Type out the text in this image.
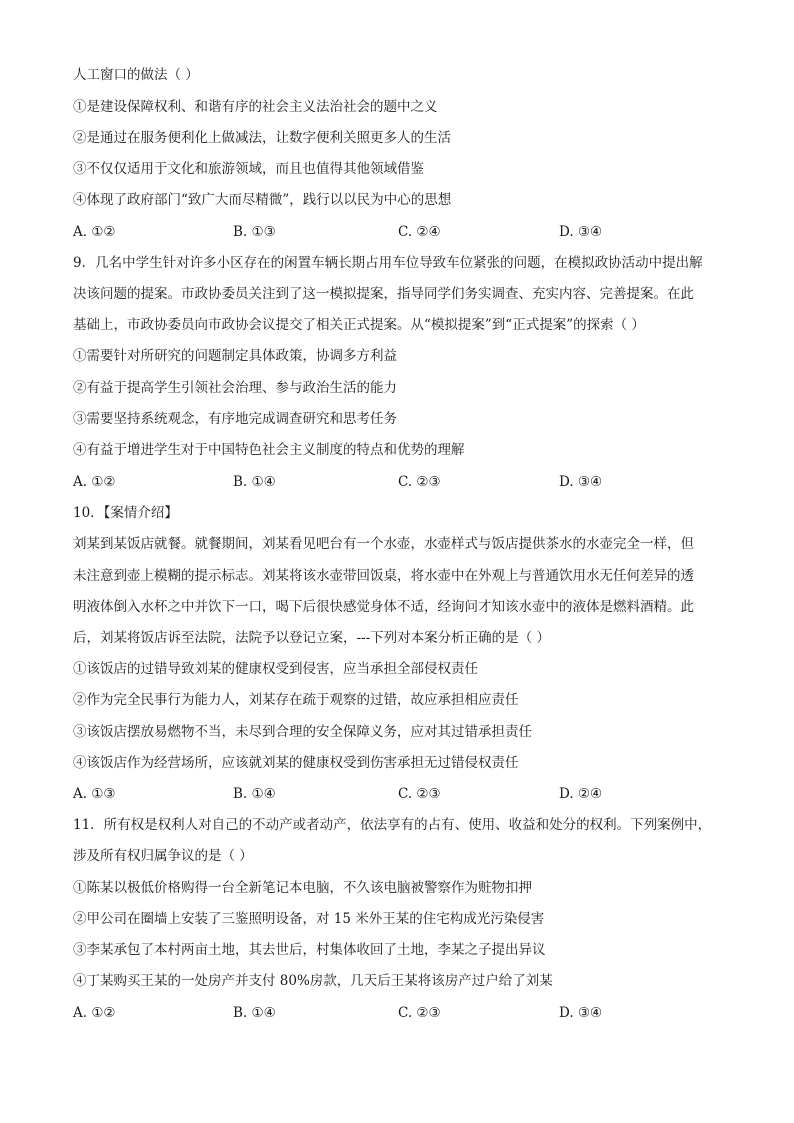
人工窗口的做法（ ）
①是建设保障权利、和谐有序的社会主义法治社会的题中之义
②是通过在服务便利化上做减法，让数字便利关照更多人的生活
③不仅仅适用于文化和旅游领域，而且也值得其他领域借鉴
④体现了政府部门“致广大而尽精微”，践行以以民为中心的思想
A. ①②	B. ①③	C. ②④	D. ③④
9．几名中学生针对许多小区存在的闲置车辆长期占用车位导致车位紧张的问题，在模拟政协活动中提出解
决该问题的提案。市政协委员关注到了这一模拟提案，指导同学们务实调查、充实内容、完善提案。在此
基础上，市政协委员向市政协会议提交了相关正式提案。从“模拟提案”到“正式提案”的探索（ ）
①需要针对所研究的问题制定具体政策，协调多方利益
②有益于提高学生引领社会治理、参与政治生活的能力
③需要坚持系统观念，有序地完成调查研究和思考任务
④有益于增进学生对于中国特色社会主义制度的特点和优势的理解
A. ①②	B. ①④	C. ②③	D. ③④
10．【案情介绍】
刘某到某饭店就餐。就餐期间，刘某看见吧台有一个水壶，水壶样式与饭店提供茶水的水壶完全一样，但
未注意到壶上模糊的提示标志。刘某将该水壶带回饭桌，将水壶中在外观上与普通饮用水无任何差异的透
明液体倒入水杯之中并饮下一口，喝下后很快感觉身体不适，经询问才知该水壶中的液体是燃料酒精。此
后，刘某将饭店诉至法院，法院予以登记立案，---下列对本案分析正确的是（ ）
①该饭店的过错导致刘某的健康权受到侵害，应当承担全部侵权责任
②作为完全民事行为能力人，刘某存在疏于观察的过错，故应承担相应责任
③该饭店摆放易燃物不当，未尽到合理的安全保障义务，应对其过错承担责任
④该饭店作为经营场所，应该就刘某的健康权受到伤害承担无过错侵权责任
A. ①③	B. ①④	C. ②③	D. ②④
11．所有权是权利人对自己的不动产或者动产，依法享有的占有、使用、收益和处分的权利。下列案例中，
涉及所有权归属争议的是（ ）
①陈某以极低价格购得一台全新笔记本电脑，不久该电脑被警察作为赃物扣押
②甲公司在圈墙上安装了三鉴照明设备，对 15 米外王某的住宅构成光污染侵害
③李某承包了本村两亩土地，其去世后，村集体收回了土地，李某之子提出异议
④丁某购买王某的一处房产并支付 80%房款，几天后王某将该房产过户给了刘某
A. ①②	B. ①④	C. ②③	D. ③④
